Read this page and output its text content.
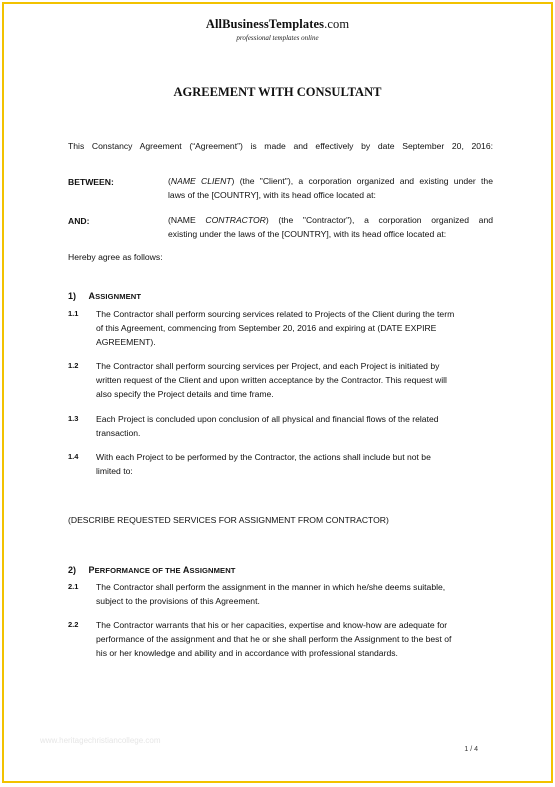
AllBusinessTemplates.com
professional templates online
AGREEMENT WITH CONSULTANT
This Constancy Agreement (“Agreement”) is made and effectively by date September 20, 2016:
BETWEEN:	(NAME CLIENT) (the "Client"), a corporation organized and existing under the
laws of the [COUNTRY], with its head office located at:
AND:	(NAME CONTRACTOR) (the "Contractor"), a corporation organized and
existing under the laws of the [COUNTRY], with its head office located at:
Hereby agree as follows:
1) ASSIGNMENT
1.1 The Contractor shall perform sourcing services related to Projects of the Client during the term
of this Agreement, commencing from September 20, 2016 and expiring at (DATE EXPIRE
AGREEMENT).
1.2 The Contractor shall perform sourcing services per Project, and each Project is initiated by
written request of the Client and upon written acceptance by the Contractor. This request will
also specify the Project details and time frame.
1.3 Each Project is concluded upon conclusion of all physical and financial flows of the related
transaction.
1.4 With each Project to be performed by the Contractor, the actions shall include but not be
limited to:
(DESCRIBE REQUESTED SERVICES FOR ASSIGNMENT FROM CONTRACTOR)
2) PERFORMANCE OF THE ASSIGNMENT
2.1 The Contractor shall perform the assignment in the manner in which he/she deems suitable,
subject to the provisions of this Agreement.
2.2 The Contractor warrants that his or her capacities, expertise and know-how are adequate for
performance of the assignment and that he or she shall perform the Assignment to the best of
his or her knowledge and ability and in accordance with professional standards.
www.heritagechristiancollege.com
1 / 4
